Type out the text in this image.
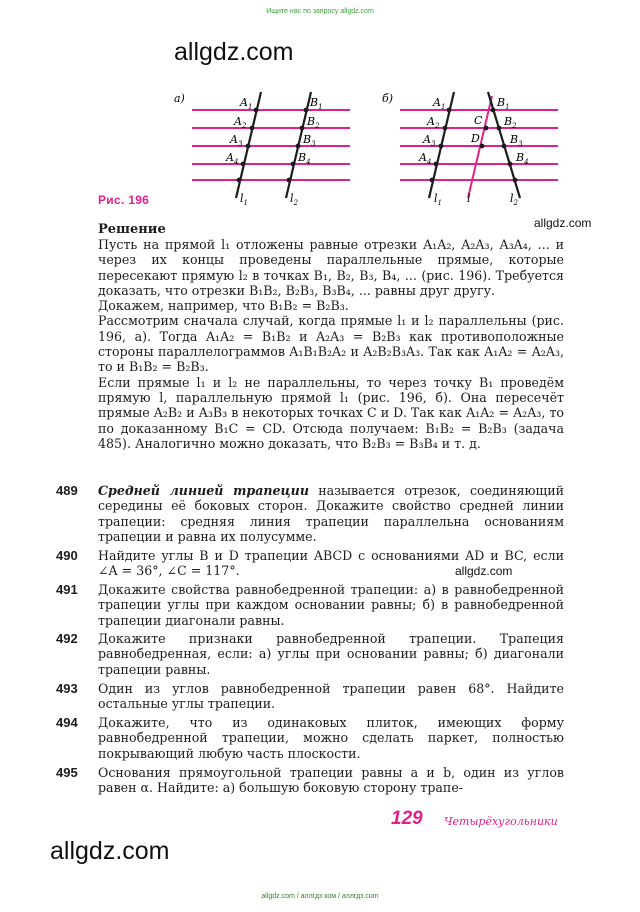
Ищите нас по запросу allgdz.com
allgdz.com
allgdz.com
allgdz.com
allgdz.com
allgdz.com / аллгдз ком / аллгдз.com
а)	$A_1$
$A_2$
$A_3$
$A_4$
$B_1$
$B_2$
$B_3$
$B_4$
$l_1$	$l_2$
б)	$A_1$
$A_2$
$A_3$
$A_4$
$B_1$
$B_2$
$B_3$
$B_4$
C
D
$l_1$ l	$l_2$
Рис. 196
Решение

Пусть на прямой l₁ отложены равные отрезки A₁A₂, A₂A₃, A₃A₄, ... и через их концы проведены параллельные прямые, которые пересекают прямую l₂ в точках B₁, B₂, B₃, B₄, ... (рис. 196). Требуется доказать, что отрезки B₁B₂, B₂B₃, B₃B₄, ... равны друг другу.

Докажем, например, что B₁B₂ = B₂B₃.

Рассмотрим сначала случай, когда прямые l₁ и l₂ параллельны (рис. 196, а). Тогда A₁A₂ = B₁B₂ и A₂A₃ = B₂B₃ как противоположные стороны параллелограммов A₁B₁B₂A₂ и A₂B₂B₃A₃. Так как A₁A₂ = A₂A₃, то и B₁B₂ = B₂B₃.

Если прямые l₁ и l₂ не параллельны, то через точку B₁ проведём прямую l, параллельную прямой l₁ (рис. 196, б). Она пересечёт прямые A₂B₂ и A₃B₃ в некоторых точках C и D. Так как A₁A₂ = A₂A₃, то по доказанному B₁C = CD. Отсюда получаем: B₁B₂ = B₂B₃ (задача 485). Аналогично можно доказать, что B₂B₃ = B₃B₄ и т. д.

489 Средней линией трапеции называется отрезок, соединяющий середины её боковых сторон. Докажите свойство средней линии трапеции: средняя линия трапеции параллельна основаниям трапеции и равна их полусумме.
490 Найдите углы B и D трапеции ABCD с основаниями AD и BC, если ∠A = 36°, ∠C = 117°.
491 Докажите свойства равнобедренной трапеции: а) в равнобедренной трапеции углы при каждом основании равны; б) в равнобедренной трапеции диагонали равны.
492 Докажите признаки равнобедренной трапеции. Трапеция равнобедренная, если: а) углы при основании равны; б) диагонали трапеции равны.
493 Один из углов равнобедренной трапеции равен 68°. Найдите остальные углы трапеции.
494 Докажите, что из одинаковых плиток, имеющих форму равнобедренной трапеции, можно сделать паркет, полностью покрывающий любую часть плоскости.
495 Основания прямоугольной трапеции равны a и b, один из углов равен α. Найдите: а) большую боковую сторону трапе-
129 Четырёхугольники
